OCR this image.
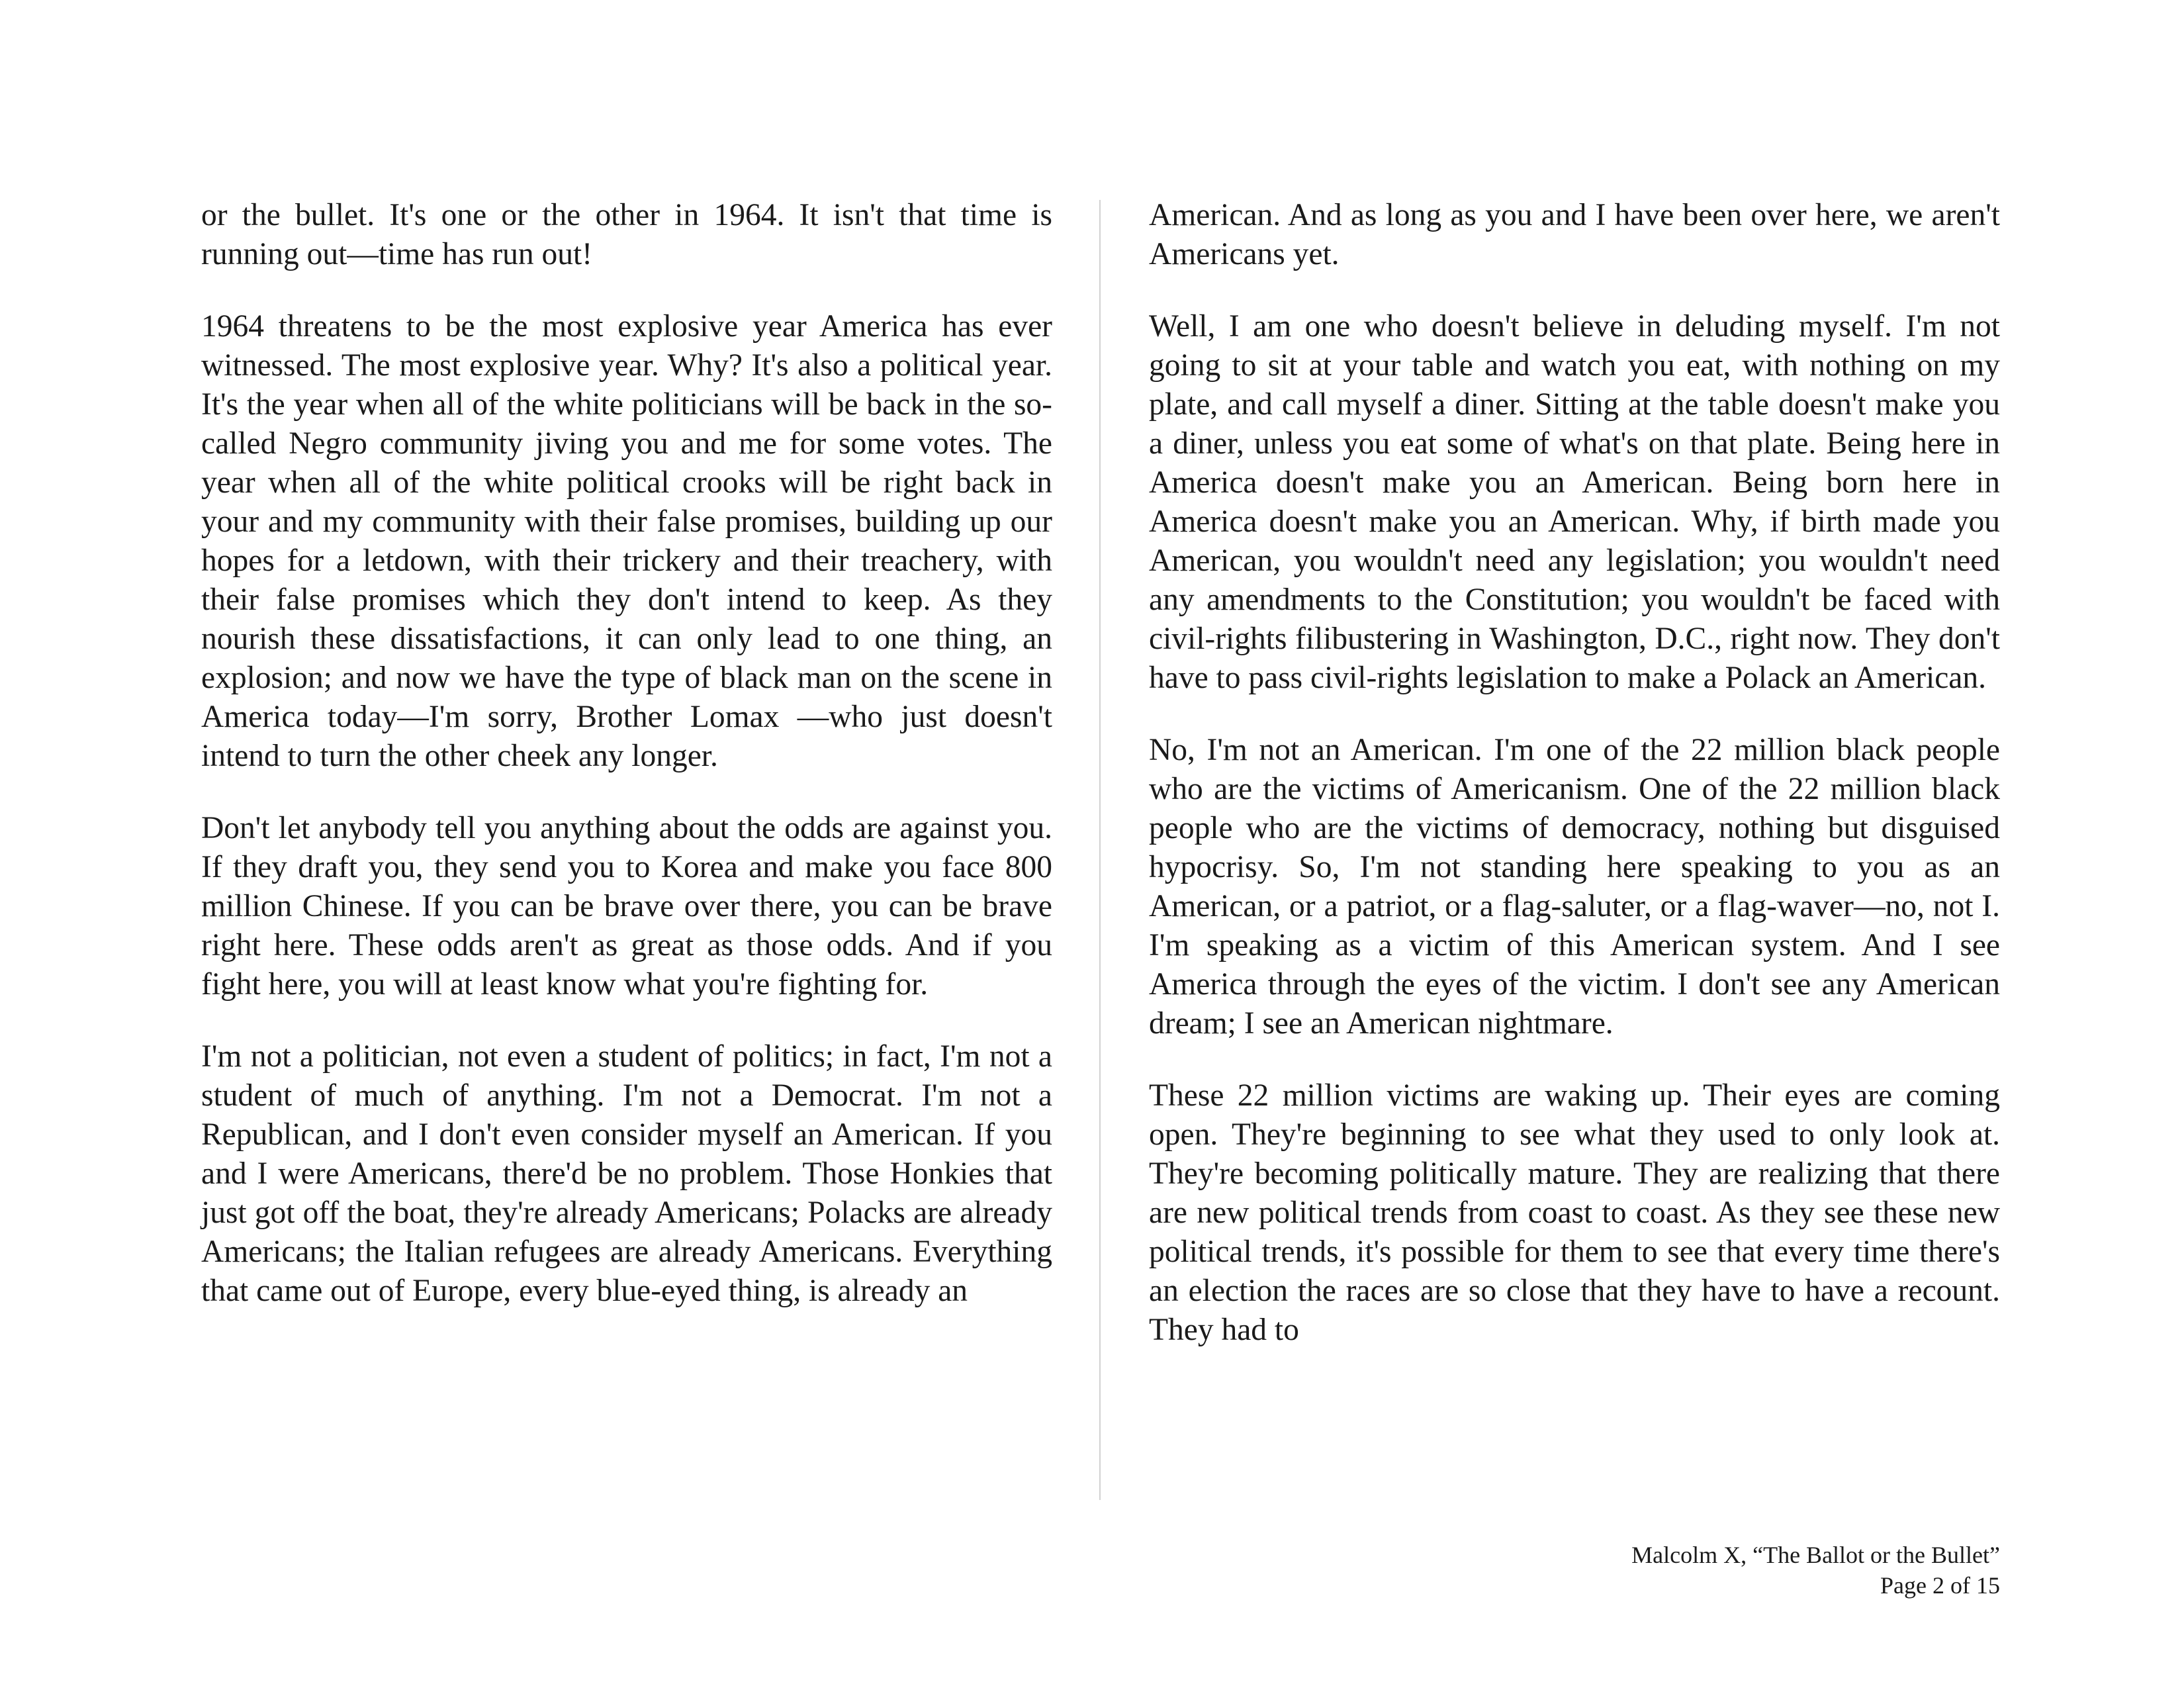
or the bullet. It's one or the other in 1964. It isn't that time is running out—time has run out!

1964 threatens to be the most explosive year America has ever witnessed. The most explosive year. Why? It's also a political year. It's the year when all of the white politicians will be back in the so-called Negro community jiving you and me for some votes. The year when all of the white political crooks will be right back in your and my community with their false promises, building up our hopes for a letdown, with their trickery and their treachery, with their false promises which they don't intend to keep. As they nourish these dissatisfactions, it can only lead to one thing, an explosion; and now we have the type of black man on the scene in America today—I'm sorry, Brother Lomax —who just doesn't intend to turn the other cheek any longer.

Don't let anybody tell you anything about the odds are against you. If they draft you, they send you to Korea and make you face 800 million Chinese. If you can be brave over there, you can be brave right here. These odds aren't as great as those odds. And if you fight here, you will at least know what you're fighting for.

I'm not a politician, not even a student of politics; in fact, I'm not a student of much of anything. I'm not a Democrat. I'm not a Republican, and I don't even consider myself an American. If you and I were Americans, there'd be no problem. Those Honkies that just got off the boat, they're already Americans; Polacks are already Americans; the Italian refugees are already Americans. Everything that came out of Europe, every blue-eyed thing, is already an

American. And as long as you and I have been over here, we aren't Americans yet.

Well, I am one who doesn't believe in deluding myself. I'm not going to sit at your table and watch you eat, with nothing on my plate, and call myself a diner. Sitting at the table doesn't make you a diner, unless you eat some of what's on that plate. Being here in America doesn't make you an American. Being born here in America doesn't make you an American. Why, if birth made you American, you wouldn't need any legislation; you wouldn't need any amendments to the Constitution; you wouldn't be faced with civil-rights filibustering in Washington, D.C., right now. They don't have to pass civil-rights legislation to make a Polack an American.

No, I'm not an American. I'm one of the 22 million black people who are the victims of Americanism. One of the 22 million black people who are the victims of democracy, nothing but disguised hypocrisy. So, I'm not standing here speaking to you as an American, or a patriot, or a flag-saluter, or a flag-waver—no, not I. I'm speaking as a victim of this American system. And I see America through the eyes of the victim. I don't see any American dream; I see an American nightmare.

These 22 million victims are waking up. Their eyes are coming open. They're beginning to see what they used to only look at. They're becoming politically mature. They are realizing that there are new political trends from coast to coast. As they see these new political trends, it's possible for them to see that every time there's an election the races are so close that they have to have a recount. They had to

Malcolm X, “The Ballot or the Bullet”
Page 2 of 15
